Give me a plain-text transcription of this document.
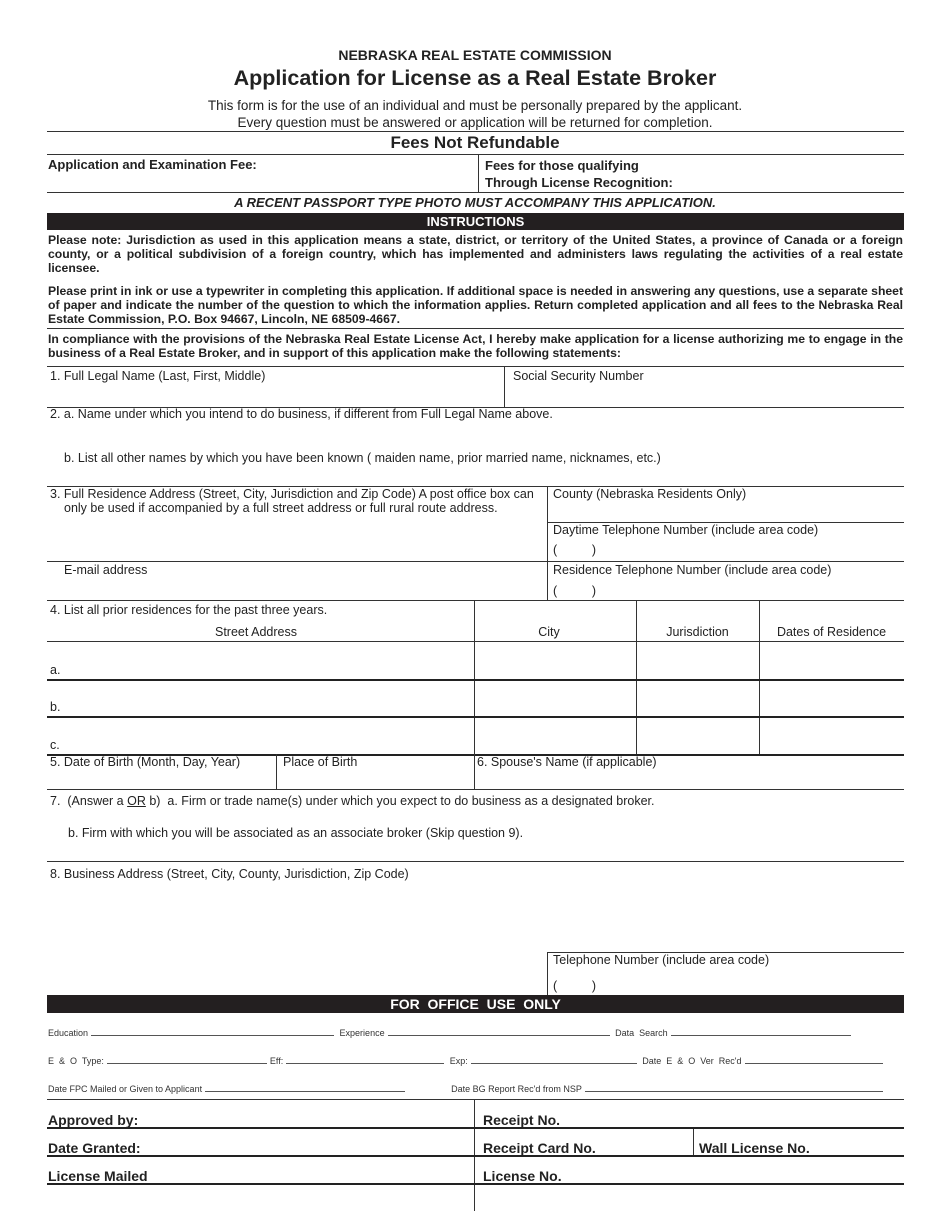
NEBRASKA REAL ESTATE COMMISSION
Application for License as a Real Estate Broker
This form is for the use of an individual and must be personally prepared by the applicant.
Every question must be answered or application will be returned for completion.
Fees Not Refundable
Application and Examination Fee:	Fees for those qualifying
Through License Recognition:
A RECENT PASSPORT TYPE PHOTO MUST ACCOMPANY THIS APPLICATION.
INSTRUCTIONS
Please note: Jurisdiction as used in this application means a state, district, or territory of the United States, a province of Canada or a foreign county, or a political subdivision of a foreign country, which has implemented and administers laws regulating the activities of a real estate licensee.
Please print in ink or use a typewriter in completing this application. If additional space is needed in answering any questions, use a separate sheet of paper and indicate the number of the question to which the information applies. Return completed application and all fees to the Nebraska Real Estate Commission, P.O. Box 94667, Lincoln, NE 68509-4667.
In compliance with the provisions of the Nebraska Real Estate License Act, I hereby make application for a license authorizing me to engage in the business of a Real Estate Broker, and in support of this application make the following statements:
1. Full Legal Name (Last, First, Middle)	Social Security Number
2. a. Name under which you intend to do business, if different from Full Legal Name above.
b. List all other names by which you have been known ( maiden name, prior married name, nicknames, etc.)
3. Full Residence Address (Street, City, Jurisdiction and Zip Code) A post office box can
only be used if accompanied by a full street address or full rural route address.
County (Nebraska Residents Only)
Daytime Telephone Number (include area code)
(          )
E-mail address	Residence Telephone Number (include area code)
(          )
4. List all prior residences for the past three years.
Street Address	City	Jurisdiction	Dates of Residence
a.
b.
c.
5. Date of Birth (Month, Day, Year)	Place of Birth	6. Spouse's Name (if applicable)
7.  (Answer a OR b)  a. Firm or trade name(s) under which you expect to do business as a designated broker.
b. Firm with which you will be associated as an associate broker (Skip question 9).
8. Business Address (Street, City, County, Jurisdiction, Zip Code)
Telephone Number (include area code)
(          )
FOR  OFFICE  USE  ONLY
Education	Experience	Data  Search
E  &  O  Type:	Eff:	Exp:	Date  E  &  O  Ver  Rec'd
Date FPC Mailed or Given to Applicant	Date BG Report Rec'd from NSP
Approved by:	Receipt No.
Date Granted:	Receipt Card No.	Wall License No.
License Mailed	License No.
